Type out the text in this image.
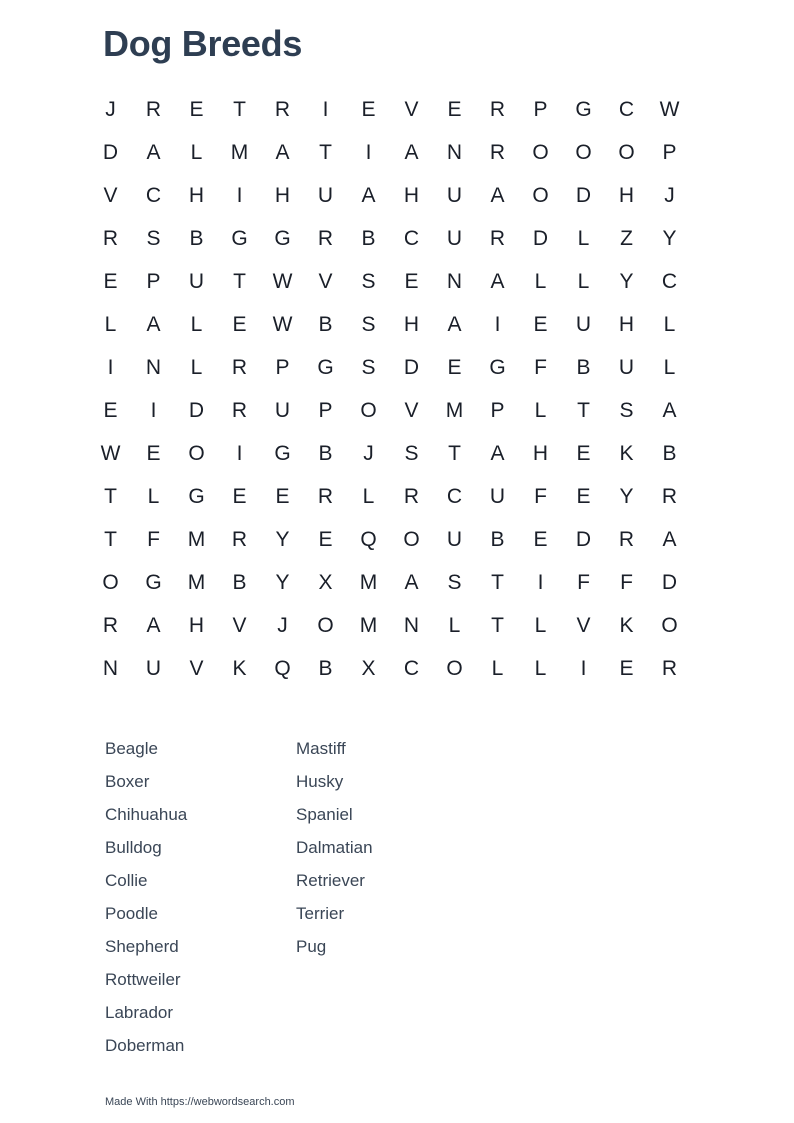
Dog Breeds
J	R	E	T	R	I	E	V	E	R	P	G	C	W
D	A	L	M	A	T	I	A	N	R	O	O	O	P
V	C	H	I	H	U	A	H	U	A	O	D	H	J
R	S	B	G	G	R	B	C	U	R	D	L	Z	Y
E	P	U	T	W	V	S	E	N	A	L	L	Y	C
L	A	L	E	W	B	S	H	A	I	E	U	H	L
I	N	L	R	P	G	S	D	E	G	F	B	U	L
E	I	D	R	U	P	O	V	M	P	L	T	S	A
W	E	O	I	G	B	J	S	T	A	H	E	K	B
T	L	G	E	E	R	L	R	C	U	F	E	Y	R
T	F	M	R	Y	E	Q	O	U	B	E	D	R	A
O	G	M	B	Y	X	M	A	S	T	I	F	F	D
R	A	H	V	J	O	M	N	L	T	L	V	K	O
N	U	V	K	Q	B	X	C	O	L	L	I	E	R
Beagle
Boxer
Chihuahua
Bulldog
Collie
Poodle
Shepherd
Rottweiler
Labrador
Doberman
Mastiff
Husky
Spaniel
Dalmatian
Retriever
Terrier
Pug
Made With https://webwordsearch.com
